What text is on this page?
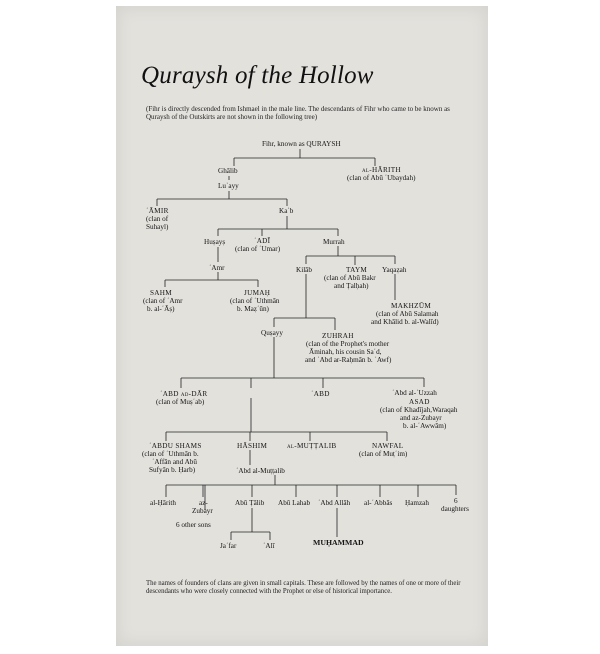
Quraysh of the Hollow
(Fihr is directly descended from Ishmael in the male line. The descendants of Fihr who came to be known as Quraysh of the Outskirts are not shown in the following tree)
Fihr, known as QURAYSH
Ghālib	al-HĀRITH
(clan of Abū ʿUbaydah)
Luʾayy
ʿĀMIR
(clan of
Suhayl)
Kaʿb
Huṣayṣ	ʿADĪ
(clan of ʿUmar)
Murrah
ʿAmr	Kilāb	TAYM
(clan of Abū Bakr
and Ṭalḥah)
Yaqaẓah
SAHM
(clan of ʿAmr
b. al-ʿĀṣ)
JUMAḤ
(clan of ʿUthmān
b. Maẓʿūn)	MAKHZŪM
(clan of Abū Salamah
and Khālid b. al-Walīd)
Quṣayy	ZUHRAH
(clan of the Prophet's mother
Āminah, his cousin Saʿd,
and ʿAbd ar-Raḥmān b. ʿAwf)
ʿABD ad-DĀR
(clan of Muṣʿab)
ʿABD	ʿAbd al-ʿUzzah
ASAD
(clan of Khadījah,Waraqah
and az-Zubayr
b. al-ʿAwwām)
ʿABDU SHAMS
(clan of ʿUthmān b.
ʿAffān and Abū
Sufyān b. Ḥarb)
HĀSHIM	al-MUṬṬALIB	NAWFAL
(clan of Muṭʿim)
ʿAbd al-Muṭṭalib
al-Ḥārith	az-
Zubayr
6 other sons
Abū Ṭālib Abū Lahab ʿAbd Allāh al-ʿAbbās Ḥamzah	6
daughters
Jaʿfar	ʿAlī	MUḤAMMAD
The names of founders of clans are given in small capitals. These are followed by the names of one or more of their descendants who were closely connected with the Prophet or else of historical importance.
